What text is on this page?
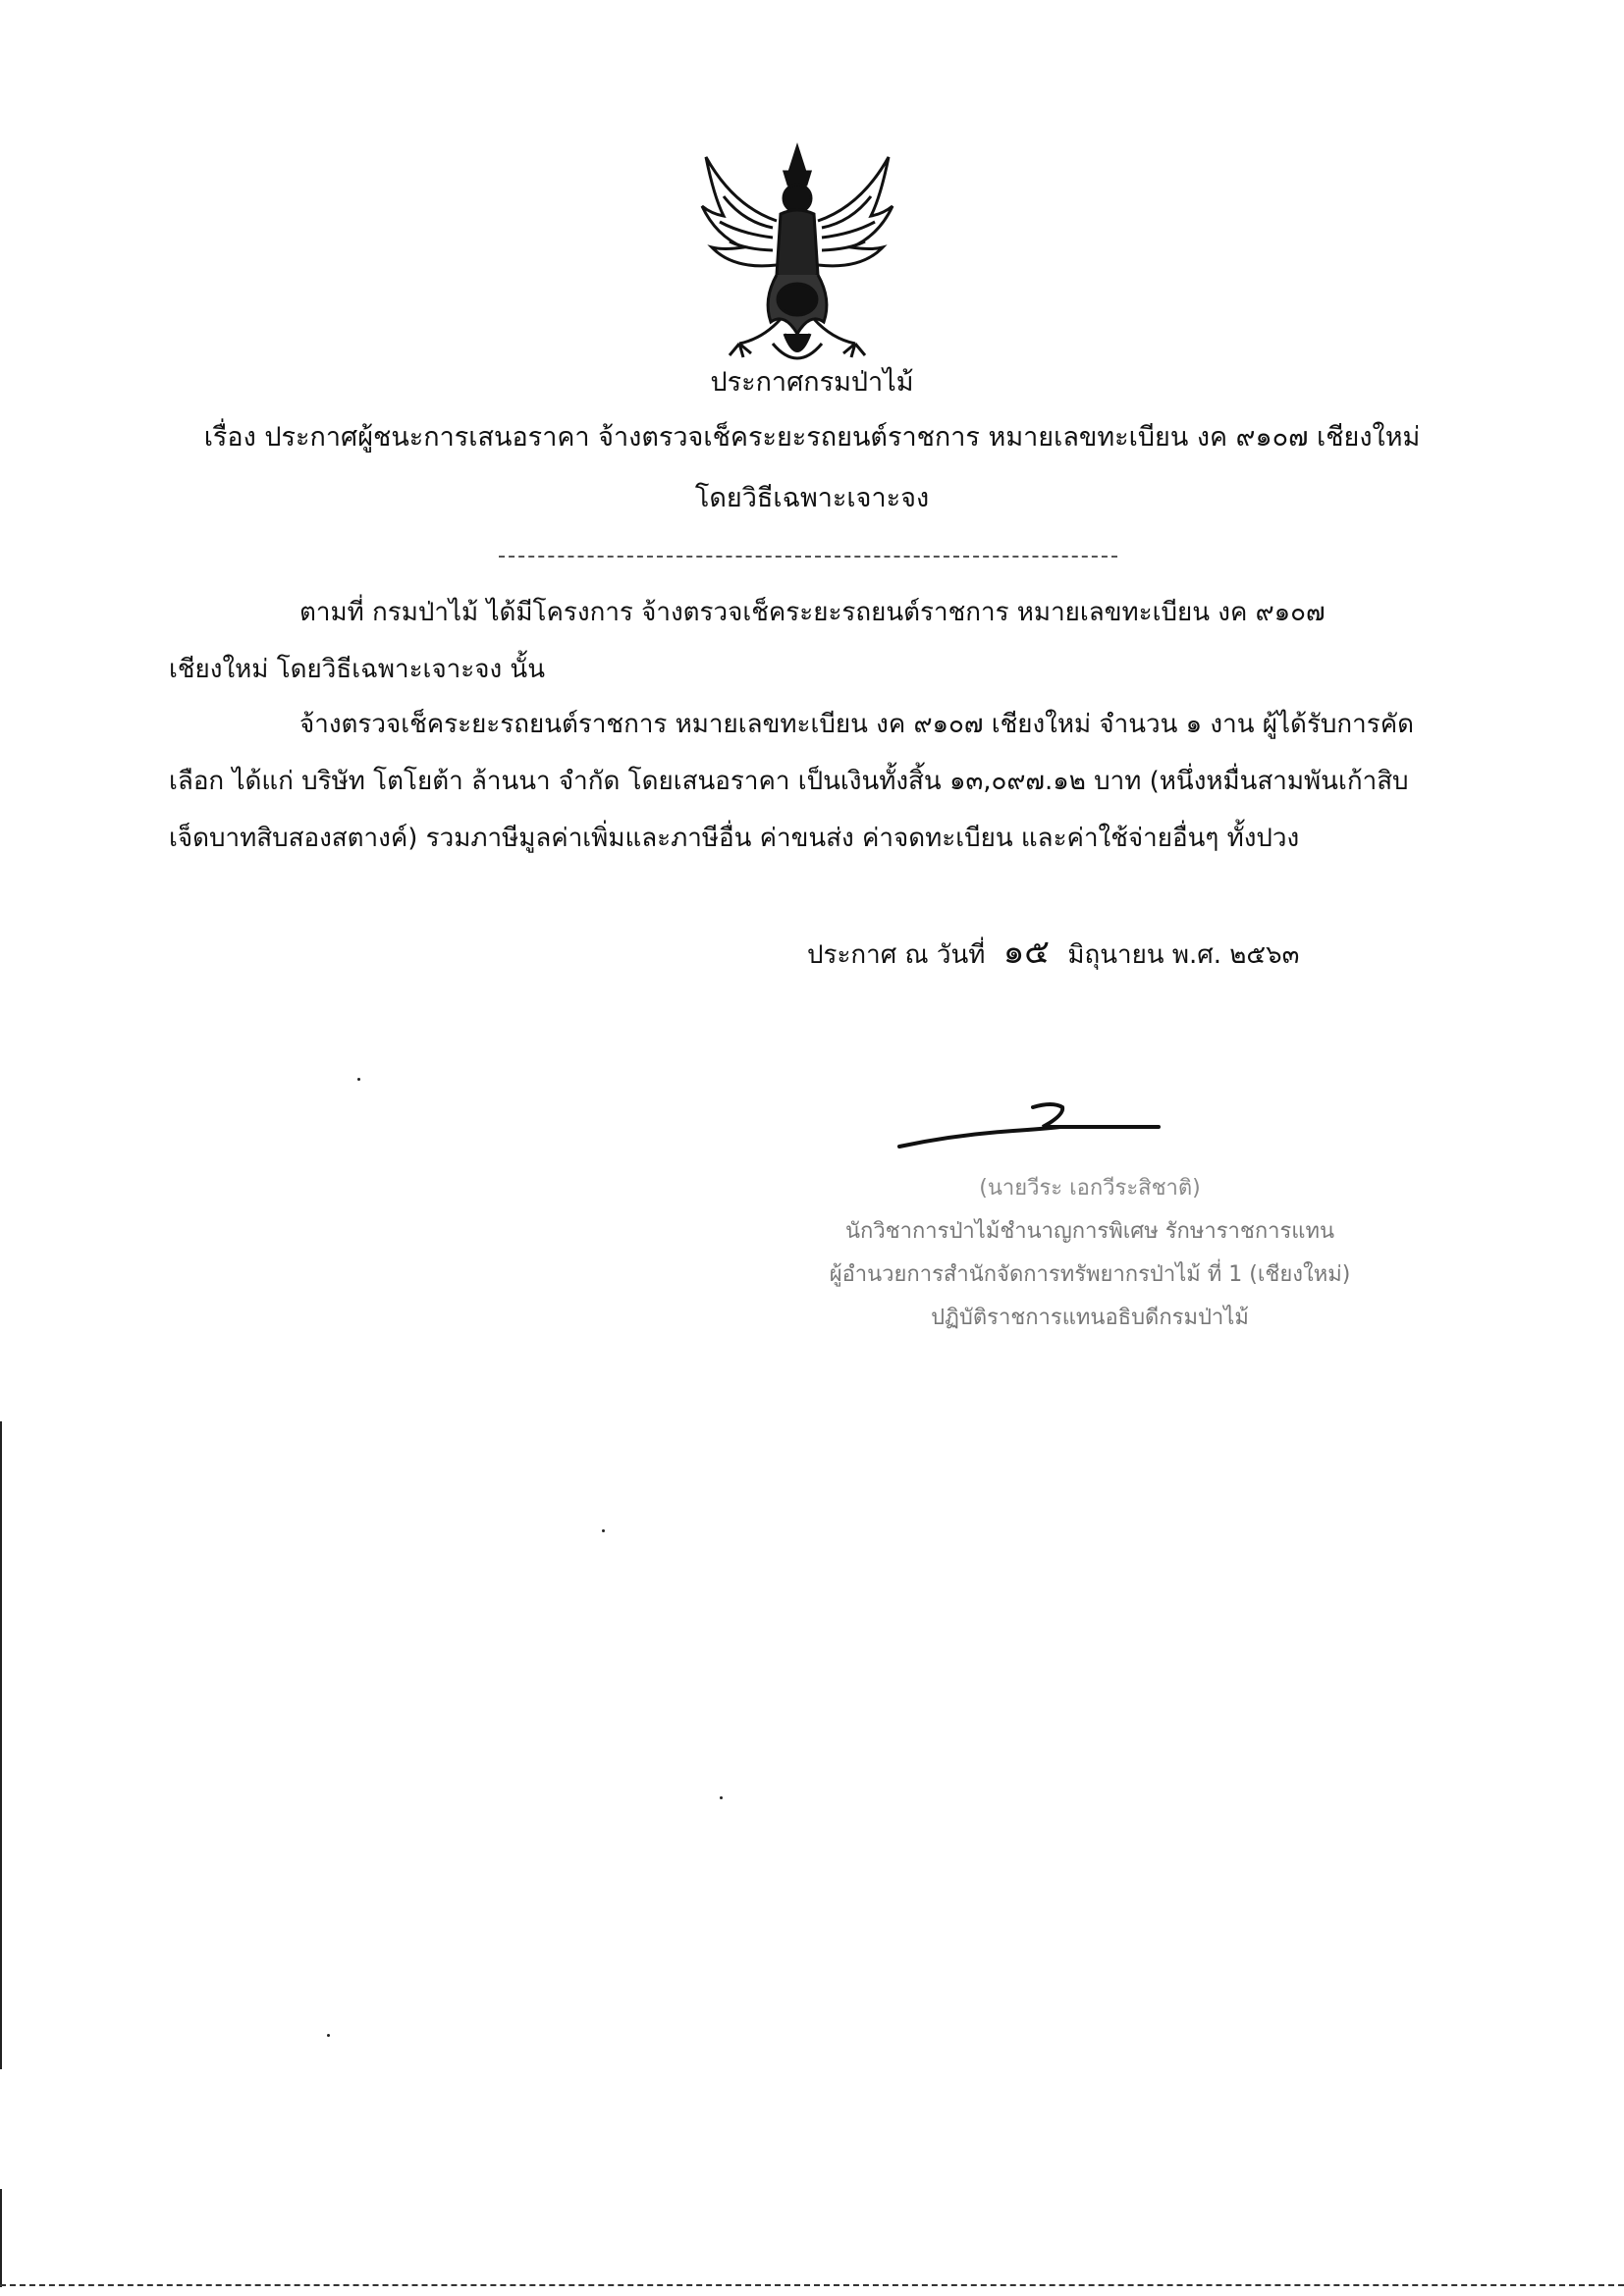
ประกาศกรมป่าไม้
เรื่อง ประกาศผู้ชนะการเสนอราคา จ้างตรวจเช็คระยะรถยนต์ราชการ หมายเลขทะเบียน งค ๙๑๐๗ เชียงใหม่
โดยวิธีเฉพาะเจาะจง
ตามที่ กรมป่าไม้ ได้มีโครงการ จ้างตรวจเช็คระยะรถยนต์ราชการ หมายเลขทะเบียน งค ๙๑๐๗
เชียงใหม่ โดยวิธีเฉพาะเจาะจง นั้น
จ้างตรวจเช็คระยะรถยนต์ราชการ หมายเลขทะเบียน งค ๙๑๐๗ เชียงใหม่ จำนวน ๑ งาน ผู้ได้รับการคัด
เลือก ได้แก่ บริษัท โตโยต้า ล้านนา จำกัด โดยเสนอราคา เป็นเงินทั้งสิ้น ๑๓,๐๙๗.๑๒ บาท (หนึ่งหมื่นสามพันเก้าสิบ
เจ็ดบาทสิบสองสตางค์) รวมภาษีมูลค่าเพิ่มและภาษีอื่น ค่าขนส่ง ค่าจดทะเบียน และค่าใช้จ่ายอื่นๆ ทั้งปวง
ประกาศ ณ วันที่ ๑๕ มิถุนายน พ.ศ. ๒๕๖๓
(นายวีระ เอกวีระสิชาติ)
นักวิชาการป่าไม้ชำนาญการพิเศษ รักษาราชการแทน
ผู้อำนวยการสำนักจัดการทรัพยากรป่าไม้ ที่ 1 (เชียงใหม่)
ปฏิบัติราชการแทนอธิบดีกรมป่าไม้
